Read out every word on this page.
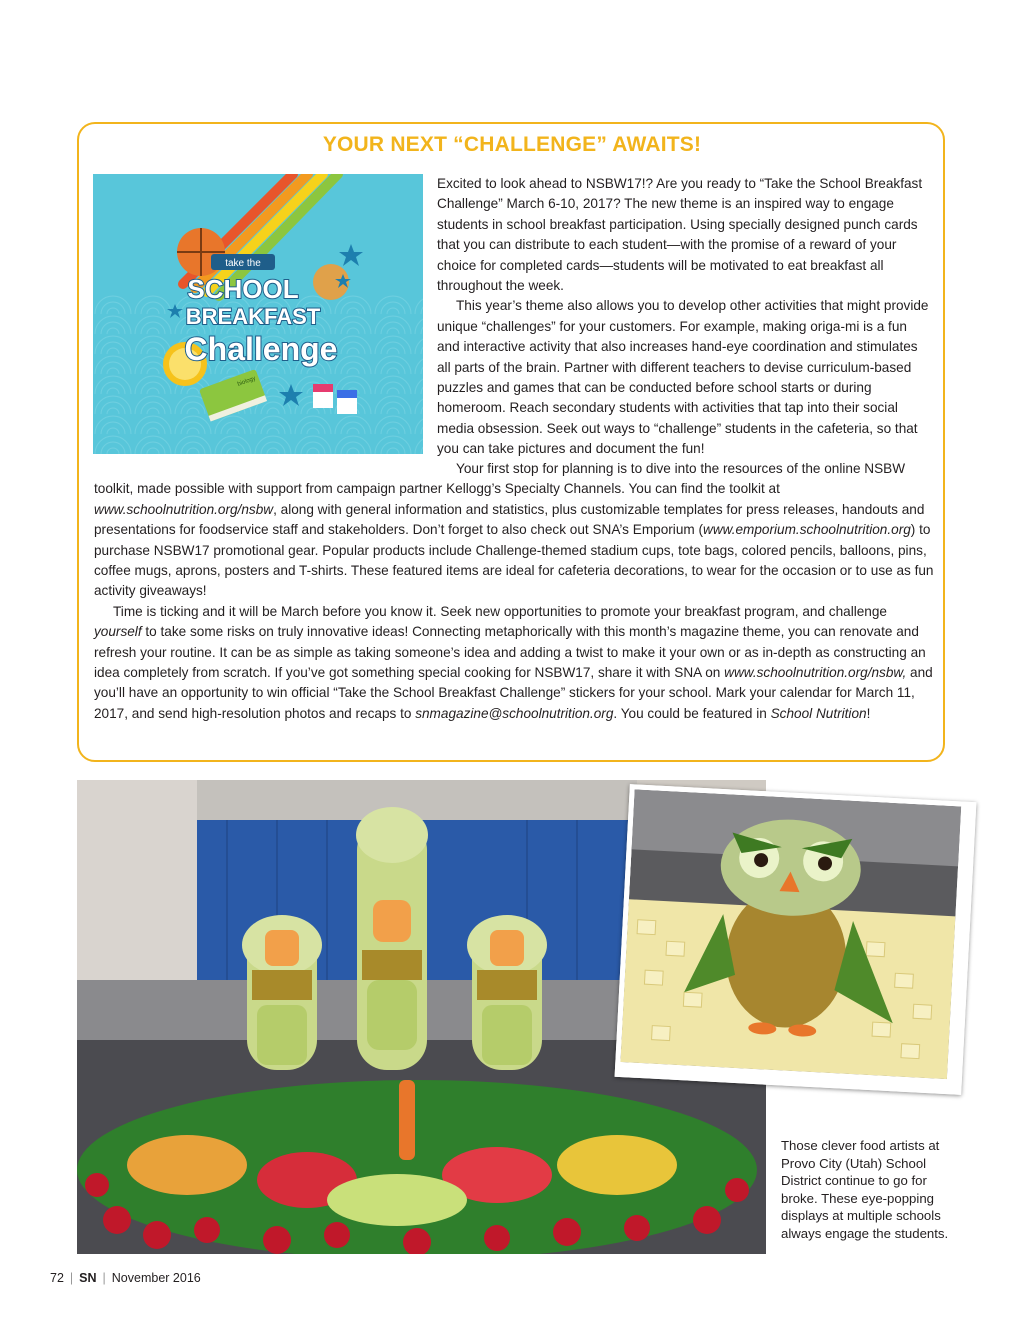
YOUR NEXT “CHALLENGE” AWAITS!
take the
SCHOOL
BREAKFAST
Challenge
biology

Excited to look ahead to NSBW17!? Are you ready to “Take the School Breakfast Challenge” March 6-10, 2017? The new theme is an inspired way to engage students in school breakfast participation. Using specially designed punch cards that you can distribute to each student—with the promise of a reward of your choice for completed cards—students will be motivated to eat breakfast all throughout the week.

This year’s theme also allows you to develop other activities that might provide unique “challenges” for your customers. For example, making origa-mi is a fun and interactive activity that also increases hand-eye coordination and stimulates all parts of the brain. Partner with different teachers to devise curriculum-based puzzles and games that can be conducted before school starts or during homeroom. Reach secondary students with activities that tap into their social media obsession. Seek out ways to “challenge” students in the cafeteria, so that you can take pictures and document the fun!

Your first stop for planning is to dive into the resources of the online NSBW toolkit, made possible with support from campaign partner Kellogg’s Specialty Channels. You can find the toolkit at www.schoolnutrition.org/nsbw, along with general information and statistics, plus customizable templates for press releases, handouts and presentations for foodservice staff and stakeholders. Don’t forget to also check out SNA’s Emporium (www.emporium.schoolnutrition.org) to purchase NSBW17 promotional gear. Popular products include Challenge-themed stadium cups, tote bags, colored pencils, balloons, pins, coffee mugs, aprons, posters and T-shirts. These featured items are ideal for cafeteria decorations, to wear for the occasion or to use as fun activity giveaways!

Time is ticking and it will be March before you know it. Seek new opportunities to promote your breakfast program, and challenge yourself to take some risks on truly innovative ideas! Connecting metaphorically with this month’s magazine theme, you can renovate and refresh your routine. It can be as simple as taking someone’s idea and adding a twist to make it your own or as in-depth as constructing an idea completely from scratch. If you’ve got something special cooking for NSBW17, share it with SNA on www.schoolnutrition.org/nsbw, and you’ll have an opportunity to win official “Take the School Breakfast Challenge” stickers for your school. Mark your calendar for March 11, 2017, and send high-resolution photos and recaps to snmagazine@schoolnutrition.org. You could be featured in School Nutrition!

Those clever food artists at Provo City (Utah) School District continue to go for broke. These eye-popping displays at multiple schools always engage the students.
72 | SN | November 2016
